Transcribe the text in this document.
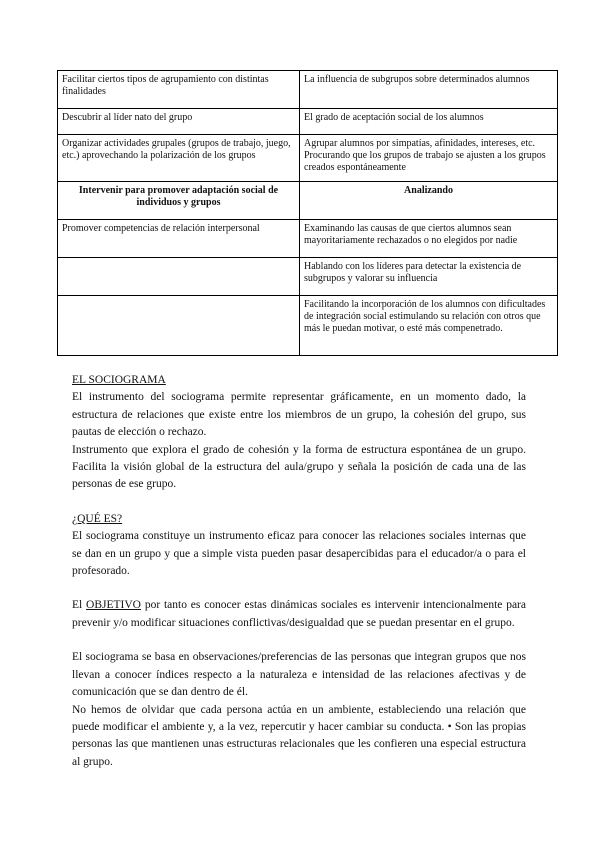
Facilitar ciertos tipos de agrupamiento con distintas finalidades	La influencia de subgrupos sobre determinados alumnos
Descubrir al líder nato del grupo	El grado de aceptación social de los alumnos
Organizar actividades grupales (grupos de trabajo, juego, etc.) aprovechando la polarización de los grupos	Agrupar alumnos por simpatías, afinidades, intereses, etc. Procurando que los grupos de trabajo se ajusten a los grupos creados espontáneamente
Intervenir para promover adaptación social de individuos y grupos	Analizando
Promover competencias de relación interpersonal	Examinando las causas de que ciertos alumnos sean mayoritariamente rechazados o no elegidos por nadie
	Hablando con los líderes para detectar la existencia de subgrupos y valorar su influencia
	Facilitando la incorporación de los alumnos con dificultades de integración social estimulando su relación con otros que más le puedan motivar, o esté más compenetrado.

EL SOCIOGRAMA

El instrumento del sociograma permite representar gráficamente, en un momento dado, la estructura de relaciones que existe entre los miembros de un grupo, la cohesión del grupo, sus pautas de elección o rechazo.

Instrumento que explora el grado de cohesión y la forma de estructura espontánea de un grupo. Facilita la visión global de la estructura del aula/grupo y señala la posición de cada una de las personas de ese grupo.

¿QUÉ ES?

El sociograma constituye un instrumento eficaz para conocer las relaciones sociales internas que se dan en un grupo y que a simple vista pueden pasar desapercibidas para el educador/a o para el profesorado.

El OBJETIVO por tanto es conocer estas dinámicas sociales es intervenir intencionalmente para prevenir y/o modificar situaciones conflictivas/desigualdad que se puedan presentar en el grupo.

El sociograma se basa en observaciones/preferencias de las personas que integran grupos que nos llevan a conocer índices respecto a la naturaleza e intensidad de las relaciones afectivas y de comunicación que se dan dentro de él.

No hemos de olvidar que cada persona actúa en un ambiente, estableciendo una relación que puede modificar el ambiente y, a la vez, repercutir y hacer cambiar su conducta. • Son las propias personas las que mantienen unas estructuras relacionales que les confieren una especial estructura al grupo.
